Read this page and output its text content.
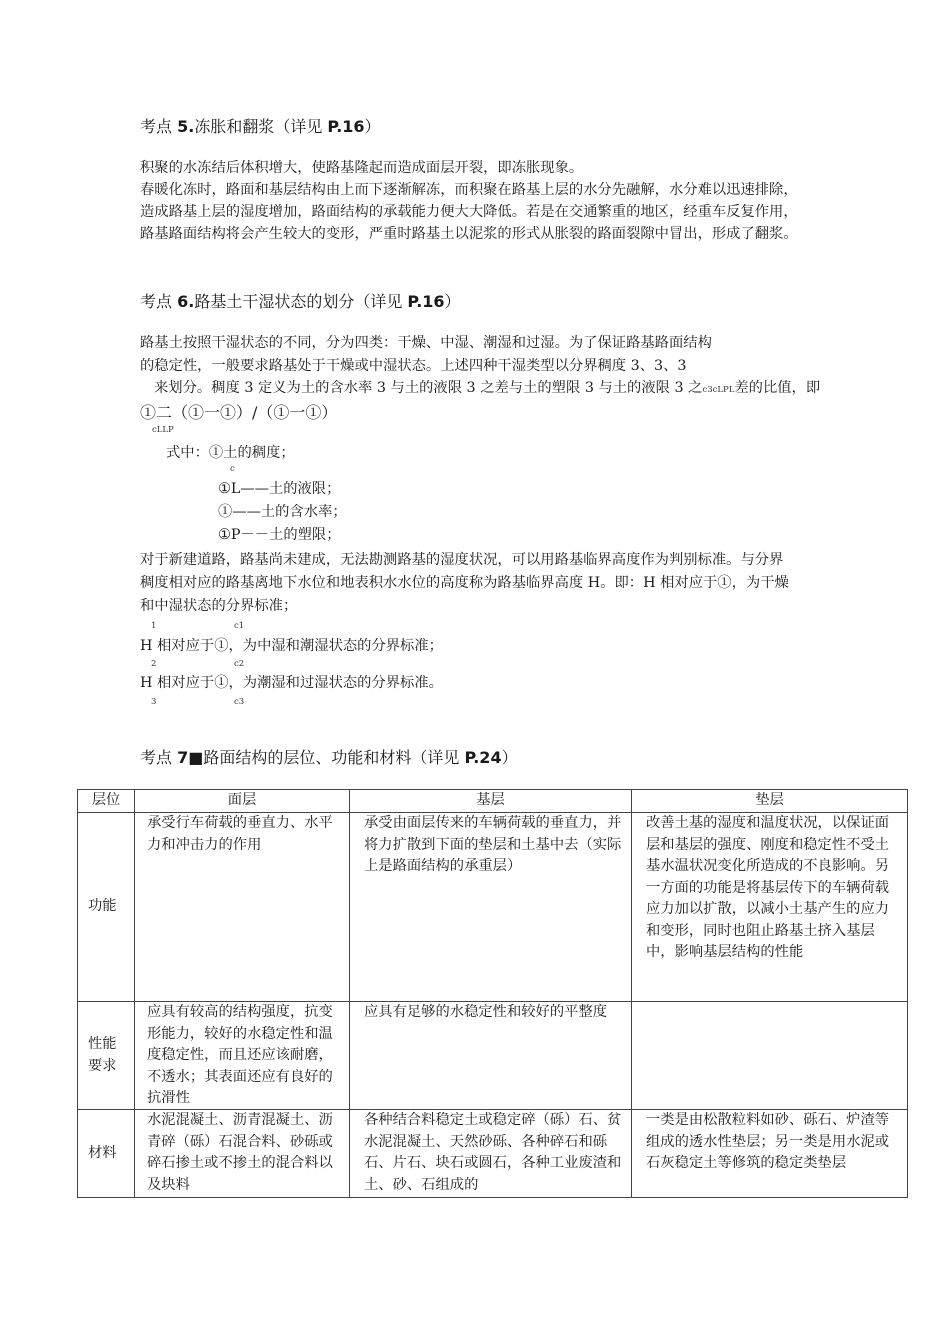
考点 5.冻胀和翻浆（详见 P.16）
积聚的水冻结后体积增大，使路基隆起而造成面层开裂，即冻胀现象。
春暖化冻时，路面和基层结构由上而下逐渐解冻，而积聚在路基上层的水分先融解，水分难以迅速排除，
造成路基上层的湿度增加，路面结构的承载能力便大大降低。若是在交通繁重的地区，经重车反复作用，
路基路面结构将会产生较大的变形，严重时路基土以泥浆的形式从胀裂的路面裂隙中冒出，形成了翻浆。
考点 6.路基土干湿状态的划分（详见 P.16）
路基土按照干湿状态的不同，分为四类：干燥、中湿、潮湿和过湿。为了保证路基路面结构
的稳定性，一般要求路基处于干燥或中湿状态。上述四种干湿类型以分界稠度 3、3、3
来划分。稠度 3 定义为土的含水率 3 与土的液限 3 之差与土的塑限 3 与土的液限 3 之c3cLPL差的比值，即
①二（①一①）/（①一①）
cLLP
式中：①土的稠度；
c
①L——土的液限；
①——土的含水率；
①P－－土的塑限；
对于新建道路，路基尚未建成，无法勘测路基的湿度状况，可以用路基临界高度作为判别标准。与分界
稠度相对应的路基离地下水位和地表积水水位的高度称为路基临界高度 H。即：H 相对应于①，为干燥
和中湿状态的分界标准；
1	c1
H 相对应于①，为中湿和潮湿状态的分界标准；
2	c2
H 相对应于①，为潮湿和过湿状态的分界标准。
3	c3
考点 7■路面结构的层位、功能和材料（详见 P.24）
层位	面层	基层	垫层
功能	承受行车荷载的垂直力、水平力和冲击力的作用	承受由面层传来的车辆荷载的垂直力，并将力扩散到下面的垫层和土基中去（实际上是路面结构的承重层）	改善土基的湿度和温度状况，以保证面层和基层的强度、刚度和稳定性不受土基水温状况变化所造成的不良影响。另一方面的功能是将基层传下的车辆荷载应力加以扩散，以减小土基产生的应力和变形，同时也阻止路基土挤入基层中，影响基层结构的性能

性能要求	应具有较高的结构强度，抗变形能力，较好的水稳定性和温度稳定性，而且还应该耐磨，不透水；其表面还应有良好的抗滑性	应具有足够的水稳定性和较好的平整度	

材料	水泥混凝土、沥青混凝土、沥青碎（砾）石混合料、砂砾或碎石掺土或不掺土的混合料以及块料	各种结合料稳定土或稳定碎（砾）石、贫水泥混凝土、天然砂砾、各种碎石和砾石、片石、块石或圆石，各种工业废渣和土、砂、石组成的	一类是由松散粒料如砂、砾石、炉渣等组成的透水性垫层；另一类是用水泥或石灰稳定土等修筑的稳定类垫层
